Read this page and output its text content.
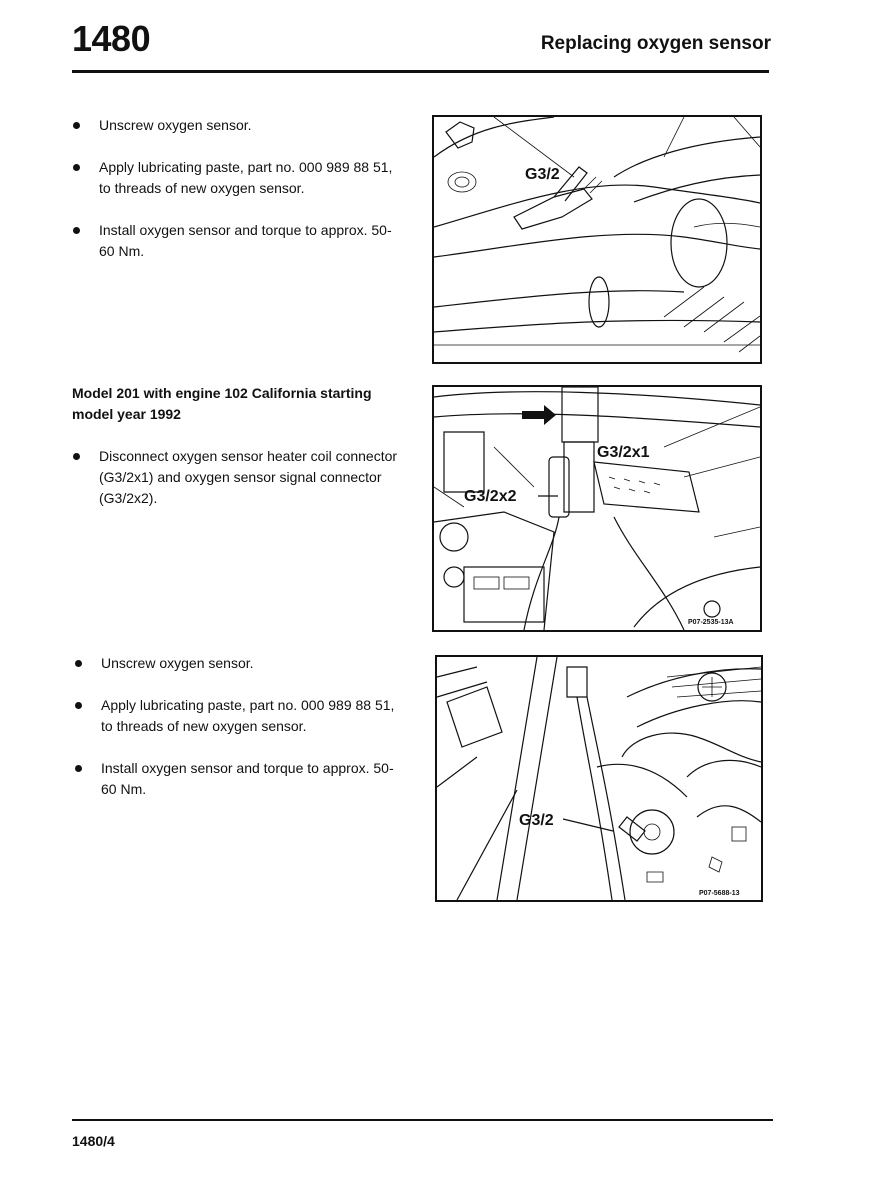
1480	Replacing oxygen sensor
Unscrew oxygen sensor.
Apply lubricating paste, part no. 000 989 88 51, to threads of new oxygen sensor.
Install oxygen sensor and torque to approx. 50-60 Nm.
G3/2
Model 201 with engine 102 California starting model year 1992
Disconnect oxygen sensor heater coil connector (G3/2x1) and oxygen sensor signal connector (G3/2x2).
G3/2x1
G3/2x2
P07-2535-13A
Unscrew oxygen sensor.
Apply lubricating paste, part no. 000 989 88 51, to threads of new oxygen sensor.
Install oxygen sensor and torque to approx. 50-60 Nm.
G3/2
P07-5688-13
1480/4
